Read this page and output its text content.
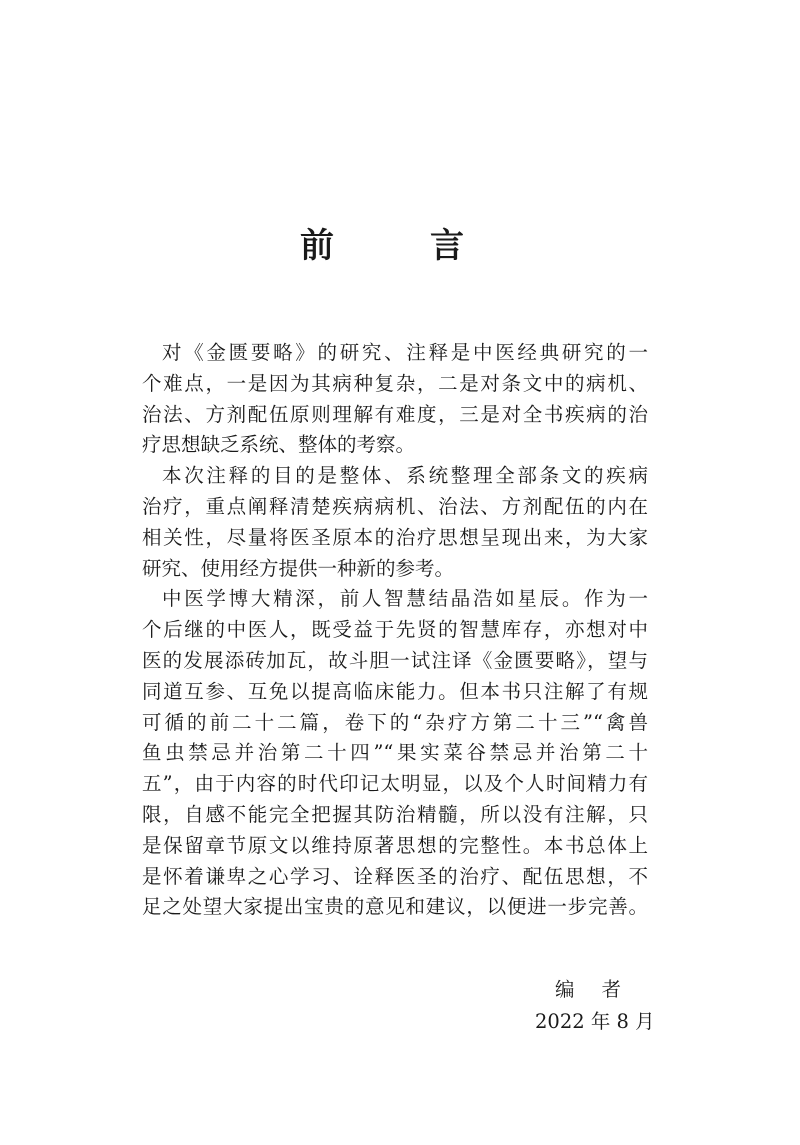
前	言
对《金匮要略》的研究、注释是中医经典研究的一
个难点，一是因为其病种复杂，二是对条文中的病机、
治法、方剂配伍原则理解有难度，三是对全书疾病的治
疗思想缺乏系统、整体的考察。
本次注释的目的是整体、系统整理全部条文的疾病
治疗，重点阐释清楚疾病病机、治法、方剂配伍的内在
相关性，尽量将医圣原本的治疗思想呈现出来，为大家
研究、使用经方提供一种新的参考。
中医学博大精深，前人智慧结晶浩如星辰。作为一
个后继的中医人，既受益于先贤的智慧库存，亦想对中
医的发展添砖加瓦，故斗胆一试注译《金匮要略》，望与
同道互参、互免以提高临床能力。但本书只注解了有规
可循的前二十二篇，卷下的“杂疗方第二十三”“禽兽
鱼虫禁忌并治第二十四”“果实菜谷禁忌并治第二十
五”，由于内容的时代印记太明显，以及个人时间精力有
限，自感不能完全把握其防治精髓，所以没有注解，只
是保留章节原文以维持原著思想的完整性。本书总体上
是怀着谦卑之心学习、诠释医圣的治疗、配伍思想，不
足之处望大家提出宝贵的意见和建议，以便进一步完善。
编 者
2022 年 8 月
